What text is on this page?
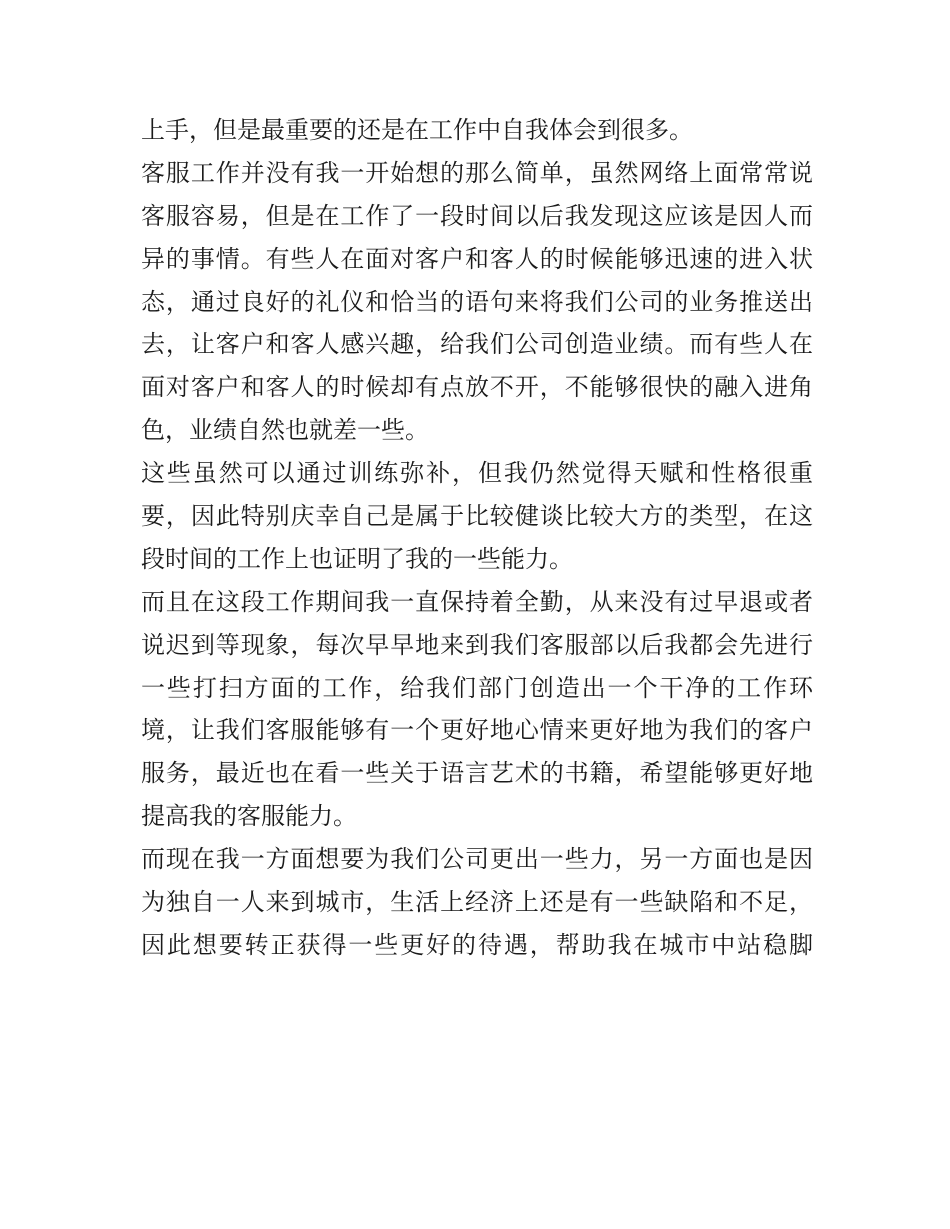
上手，但是最重要的还是在工作中自我体会到很多。
客服工作并没有我一开始想的那么简单，虽然网络上面常常说
客服容易，但是在工作了一段时间以后我发现这应该是因人而
异的事情。有些人在面对客户和客人的时候能够迅速的进入状
态，通过良好的礼仪和恰当的语句来将我们公司的业务推送出
去，让客户和客人感兴趣，给我们公司创造业绩。而有些人在
面对客户和客人的时候却有点放不开，不能够很快的融入进角
色，业绩自然也就差一些。
这些虽然可以通过训练弥补，但我仍然觉得天赋和性格很重
要，因此特别庆幸自己是属于比较健谈比较大方的类型，在这
段时间的工作上也证明了我的一些能力。
而且在这段工作期间我一直保持着全勤，从来没有过早退或者
说迟到等现象，每次早早地来到我们客服部以后我都会先进行
一些打扫方面的工作，给我们部门创造出一个干净的工作环
境，让我们客服能够有一个更好地心情来更好地为我们的客户
服务，最近也在看一些关于语言艺术的书籍，希望能够更好地
提高我的客服能力。
而现在我一方面想要为我们公司更出一些力，另一方面也是因
为独自一人来到城市，生活上经济上还是有一些缺陷和不足，
因此想要转正获得一些更好的待遇，帮助我在城市中站稳脚
